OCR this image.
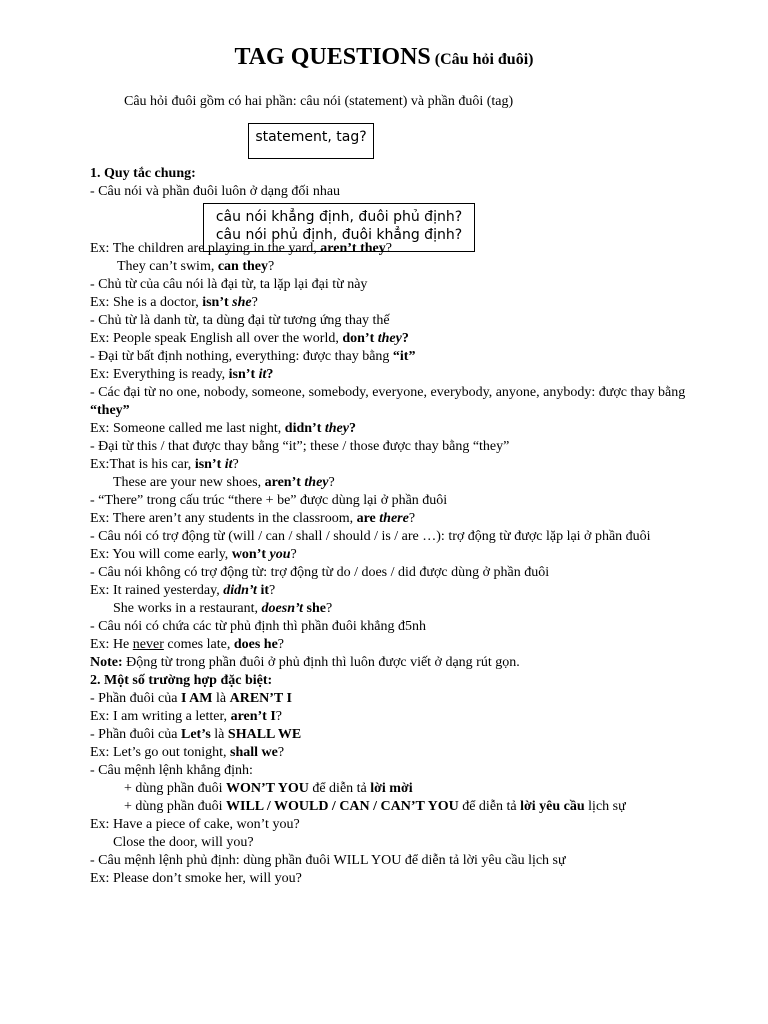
TAG QUESTIONS (Câu hỏi đuôi)
Câu hỏi đuôi gồm có hai phần: câu nói (statement) và phần đuôi (tag)
statement, tag?
câu nói khẳng định, đuôi phủ định? câu nói phủ định, đuôi khẳng định?
1. Quy tắc chung:
- Câu nói và phần đuôi luôn ở dạng đối nhau
Ex: The children are playing in the yard, aren’t they?
They can’t swim, can they?
- Chủ từ của câu nói là đại từ, ta lặp lại đại từ này
Ex: She is a doctor, isn’t she?
- Chủ từ là danh từ, ta dùng đại từ tương ứng thay thế
Ex: People speak English all over the world, don’t they?
- Đại từ bất định nothing, everything: được thay bằng “it”
Ex: Everything is ready, isn’t it?
- Các đại từ no one, nobody, someone, somebody, everyone, everybody, anyone, anybody: được thay bằng “they”
Ex: Someone called me last night, didn’t they?
- Đại từ this / that được thay bằng “it”; these / those được thay bằng “they”
Ex:That is his car, isn’t it?
These are your new shoes, aren’t they?
- “There” trong cấu trúc “there + be” được dùng lại ở phần đuôi
Ex: There aren’t any students in the classroom, are there?
- Câu nói có trợ động từ (will / can / shall / should / is / are …): trợ động từ được lặp lại ở phần đuôi
Ex: You will come early, won’t you?
- Câu nói không có trợ động từ: trợ động từ do / does / did được dùng ở phần đuôi
Ex: It rained yesterday, didn’t it?
She works in a restaurant, doesn’t she?
- Câu nói có chứa các từ phủ định thì phần đuôi khẳng đ5nh
Ex: He never comes late, does he?
Note: Động từ trong phần đuôi ở phủ định thì luôn được viết ở dạng rút gọn.
2. Một số trường hợp đặc biệt:
- Phần đuôi của I AM là AREN’T I
Ex: I am writing a letter, aren’t I?
- Phần đuôi của Let’s là SHALL WE
Ex: Let’s go out tonight, shall we?
- Câu mệnh lệnh khẳng định:
+ dùng phần đuôi WON’T YOU để diễn tả lời mời
+ dùng phần đuôi WILL / WOULD / CAN / CAN’T YOU để diễn tả lời yêu cầu lịch sự
Ex: Have a piece of cake, won’t you?
Close the door, will you?
- Câu mệnh lệnh phủ định: dùng phần đuôi WILL YOU để diễn tả lời yêu cầu lịch sự
Ex: Please don’t smoke her, will you?
